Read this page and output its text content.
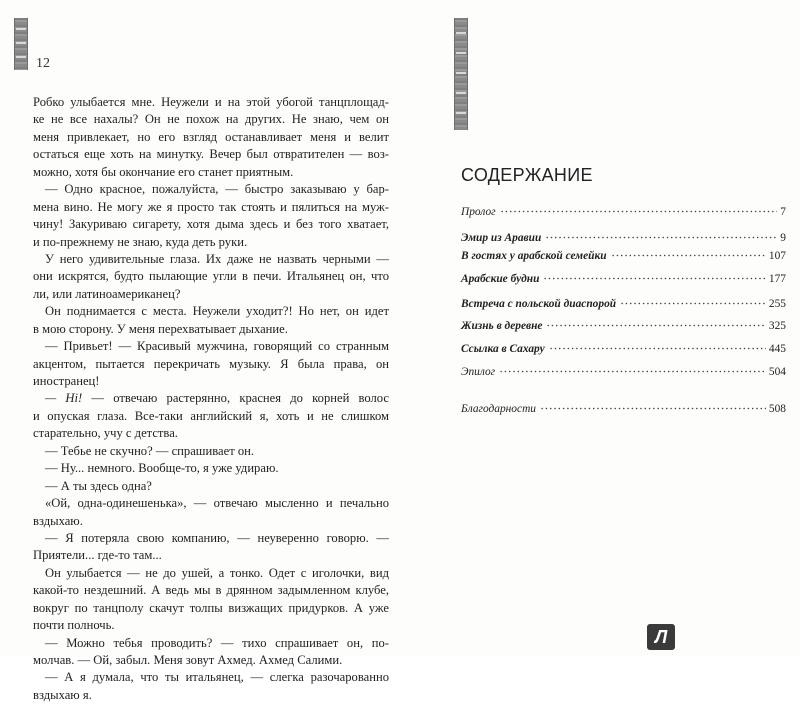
12
Робко улыбается мне. Неужели и на этой убогой танцплощад-
ке не все нахалы? Он не похож на других. Не знаю, чем он
меня привлекает, но его взгляд останавливает меня и велит
остаться еще хоть на минутку. Вечер был отвратителен — воз-
можно, хотя бы окончание его станет приятным.
— Одно красное, пожалуйста, — быстро заказываю у бар-
мена вино. Не могу же я просто так стоять и пялиться на муж-
чину! Закуриваю сигарету, хотя дыма здесь и без того хватает,
и по-прежнему не знаю, куда деть руки.
У него удивительные глаза. Их даже не назвать черными —
они искрятся, будто пылающие угли в печи. Итальянец он, что
ли, или латиноамериканец?
Он поднимается с места. Неужели уходит?! Но нет, он идет
в мою сторону. У меня перехватывает дыхание.
— Привьет! — Красивый мужчина, говорящий со странным
акцентом, пытается перекричать музыку. Я была права, он
иностранец!
— Hi! — отвечаю растерянно, краснея до корней волос
и опуская глаза. Все-таки английский я, хоть и не слишком
старательно, учу с детства.
— Тебье не скучно? — спрашивает он.
— Ну... немного. Вообще-то, я уже удираю.
— А ты здесь одна?
«Ой, одна-одинешенька», — отвечаю мысленно и печально
вздыхаю.
— Я потеряла свою компанию, — неуверенно говорю. —
Приятели... где-то там...
Он улыбается — не до ушей, а тонко. Одет с иголочки, вид
какой-то нездешний. А ведь мы в дрянном задымленном клубе,
вокруг по танцполу скачут толпы визжащих придурков. А уже
почти полночь.
— Можно тебья проводить? — тихо спрашивает он, по-
молчав. — Ой, забыл. Меня зовут Ахмед. Ахмед Салими.
— А я думала, что ты итальянец, — слегка разочарованно
вздыхаю я.
СОДЕРЖАНИЕ
Пролог	7
Эмир из Аравии	9
В гостях у арабской семейки	107
Арабские будни	177
Встреча с польской диаспорой	255
Жизнь в деревне	325
Ссылка в Сахару	445
Эпилог	504
Благодарности	508
Л
